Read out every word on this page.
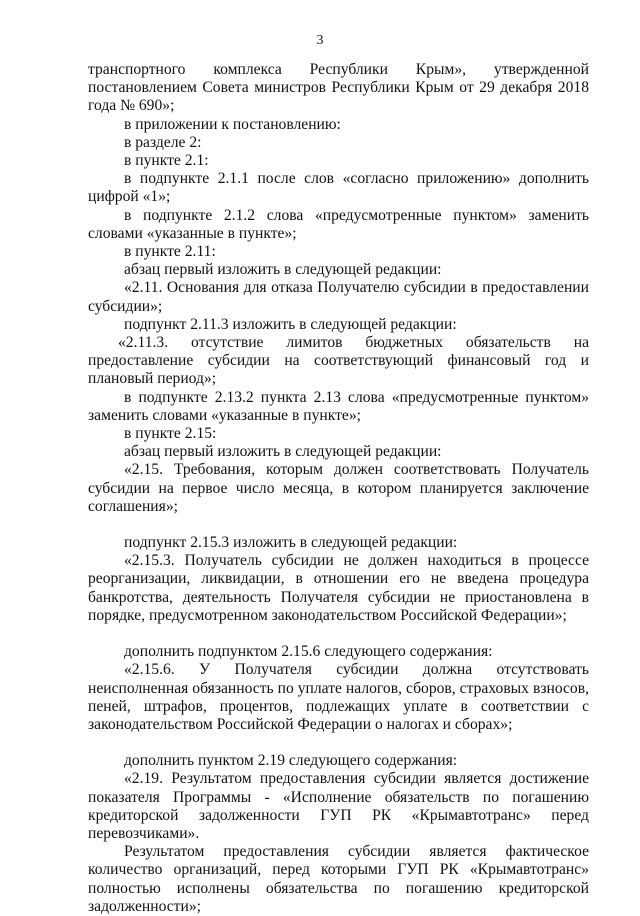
3

транспортного комплекса Республики Крым», утвержденной постановлением Совета министров Республики Крым от 29 декабря 2018 года № 690»;

в приложении к постановлению:

в разделе 2:

в пункте 2.1:

в подпункте 2.1.1 после слов «согласно приложению» дополнить цифрой «1»;

в подпункте 2.1.2 слова «предусмотренные пунктом» заменить словами «указанные в пункте»;

в пункте 2.11:

абзац первый изложить в следующей редакции:

«2.11. Основания для отказа Получателю субсидии в предоставлении субсидии»;

подпункт 2.11.3 изложить в следующей редакции:

«2.11.3. отсутствие лимитов бюджетных обязательств на предоставление субсидии на соответствующий финансовый год и плановый период»;

в подпункте 2.13.2 пункта 2.13 слова «предусмотренные пунктом» заменить словами «указанные в пункте»;

в пункте 2.15:

абзац первый изложить в следующей редакции:

«2.15. Требования, которым должен соответствовать Получатель субсидии на первое число месяца, в котором планируется заключение соглашения»;

подпункт 2.15.3 изложить в следующей редакции:

«2.15.3. Получатель субсидии не должен находиться в процессе реорганизации, ликвидации, в отношении его не введена процедура банкротства, деятельность Получателя субсидии не приостановлена в порядке, предусмотренном законодательством Российской Федерации»;

дополнить подпунктом 2.15.6 следующего содержания:

«2.15.6. У Получателя субсидии должна отсутствовать неисполненная обязанность по уплате налогов, сборов, страховых взносов, пеней, штрафов, процентов, подлежащих уплате в соответствии с законодательством Российской Федерации о налогах и сборах»;

дополнить пунктом 2.19 следующего содержания:

«2.19. Результатом предоставления субсидии является достижение показателя Программы - «Исполнение обязательств по погашению кредиторской задолженности ГУП РК «Крымавтотранс» перед перевозчиками».

Результатом предоставления субсидии является фактическое количество организаций, перед которыми ГУП РК «Крымавтотранс» полностью исполнены обязательства по погашению кредиторской задолженности»;
